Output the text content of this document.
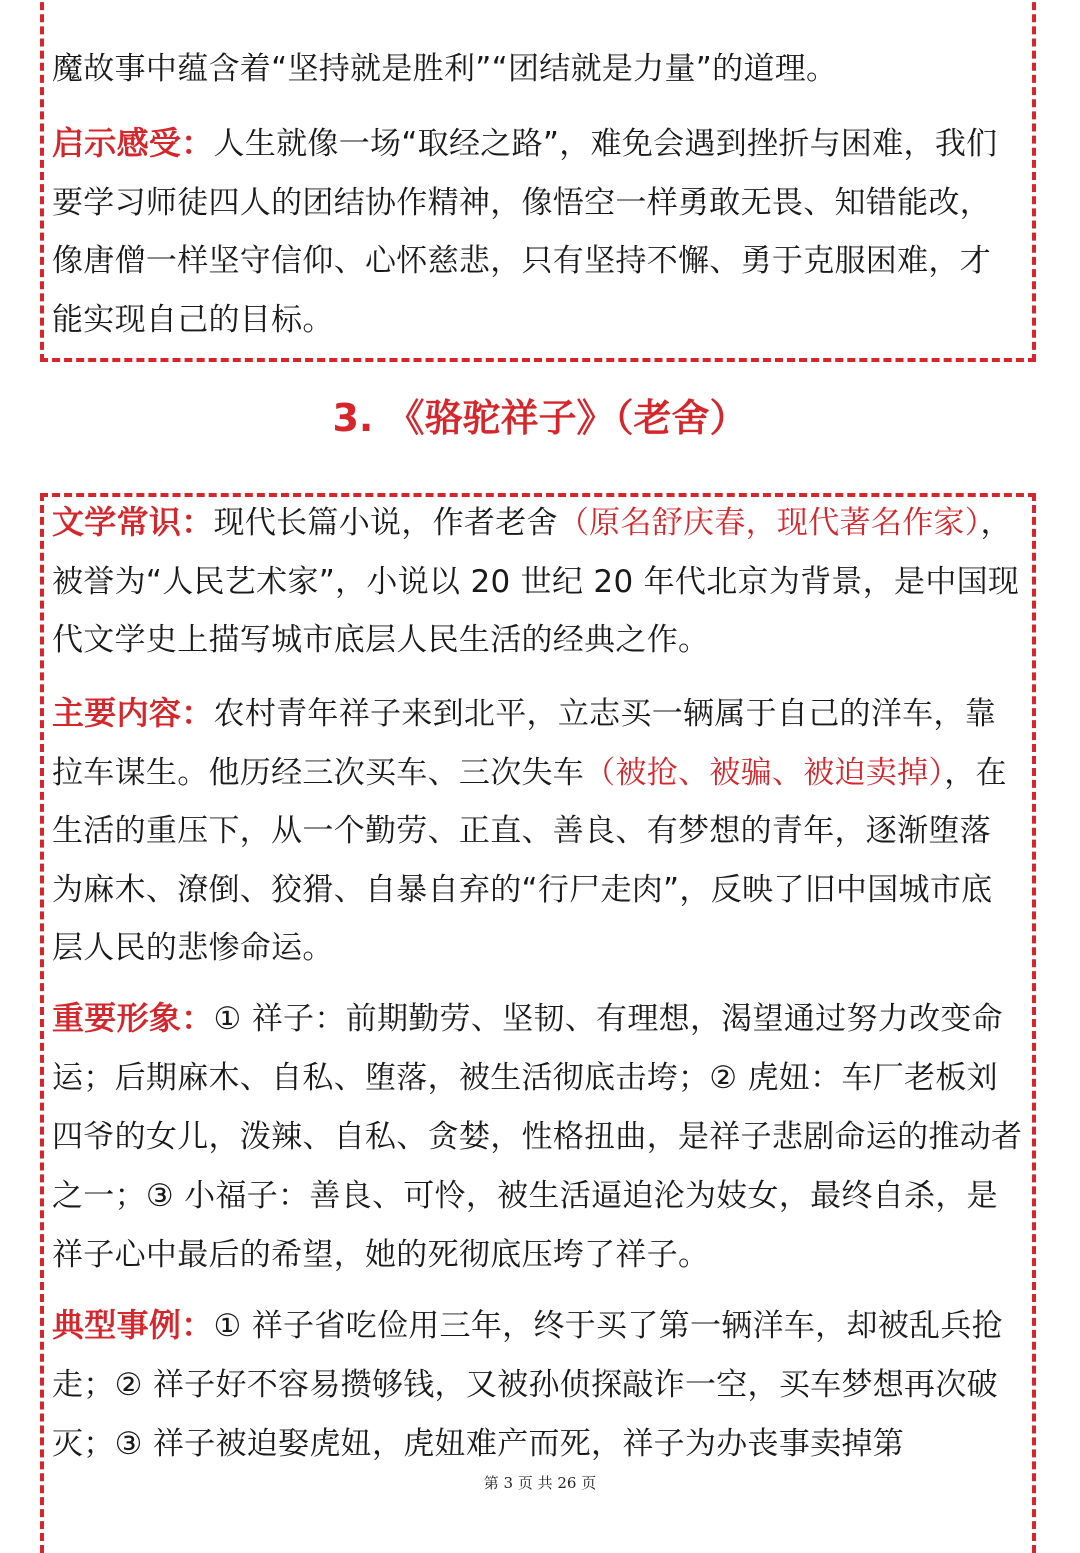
魔故事中蕴含着“坚持就是胜利”“团结就是力量”的道理。

启示感受：人生就像一场“取经之路”，难免会遇到挫折与困难，我们要学习师徒四人的团结协作精神，像悟空一样勇敢无畏、知错能改，像唐僧一样坚守信仰、心怀慈悲，只有坚持不懈、勇于克服困难，才能实现自己的目标。

3. 《骆驼祥子》（老舍）

文学常识：现代长篇小说，作者老舍（原名舒庆春，现代著名作家），被誉为“人民艺术家”，小说以 20 世纪 20 年代北京为背景，是中国现代文学史上描写城市底层人民生活的经典之作。

主要内容：农村青年祥子来到北平，立志买一辆属于自己的洋车，靠拉车谋生。他历经三次买车、三次失车（被抢、被骗、被迫卖掉），在生活的重压下，从一个勤劳、正直、善良、有梦想的青年，逐渐堕落为麻木、潦倒、狡猾、自暴自弃的“行尸走肉”，反映了旧中国城市底层人民的悲惨命运。

重要形象：① 祥子：前期勤劳、坚韧、有理想，渴望通过努力改变命运；后期麻木、自私、堕落，被生活彻底击垮；② 虎妞：车厂老板刘四爷的女儿，泼辣、自私、贪婪，性格扭曲，是祥子悲剧命运的推动者之一；③ 小福子：善良、可怜，被生活逼迫沦为妓女，最终自杀，是祥子心中最后的希望，她的死彻底压垮了祥子。

典型事例：① 祥子省吃俭用三年，终于买了第一辆洋车，却被乱兵抢走；② 祥子好不容易攒够钱，又被孙侦探敲诈一空，买车梦想再次破灭；③ 祥子被迫娶虎妞，虎妞难产而死，祥子为办丧事卖掉第

第 3 页 共 26 页
